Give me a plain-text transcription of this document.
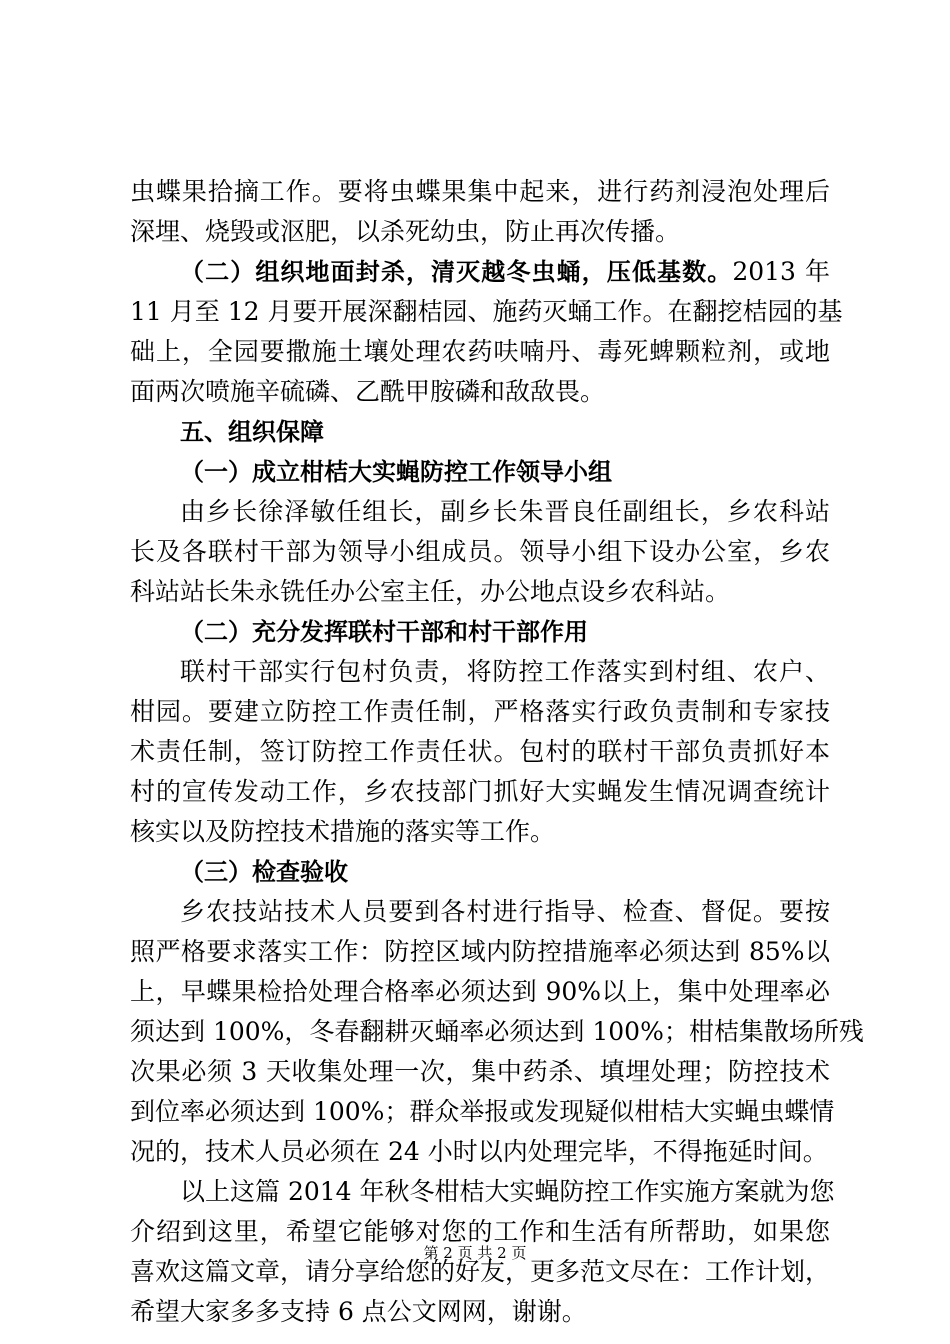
虫蝶果拾摘工作。要将虫蝶果集中起来，进行药剂浸泡处理后
深埋、烧毁或沤肥，以杀死幼虫，防止再次传播。
（二）组织地面封杀，清灭越冬虫蛹，压低基数。2013 年
11 月至 12 月要开展深翻桔园、施药灭蛹工作。在翻挖桔园的基
础上，全园要撒施土壤处理农药呋喃丹、毒死蜱颗粒剂，或地
面两次喷施辛硫磷、乙酰甲胺磷和敌敌畏。
五、组织保障
（一）成立柑桔大实蝇防控工作领导小组
由乡长徐泽敏任组长，副乡长朱晋良任副组长，乡农科站
长及各联村干部为领导小组成员。领导小组下设办公室，乡农
科站站长朱永铣任办公室主任，办公地点设乡农科站。
（二）充分发挥联村干部和村干部作用
联村干部实行包村负责，将防控工作落实到村组、农户、
柑园。要建立防控工作责任制，严格落实行政负责制和专家技
术责任制，签订防控工作责任状。包村的联村干部负责抓好本
村的宣传发动工作，乡农技部门抓好大实蝇发生情况调查统计
核实以及防控技术措施的落实等工作。
（三）检查验收
乡农技站技术人员要到各村进行指导、检查、督促。要按
照严格要求落实工作：防控区域内防控措施率必须达到 85%以
上，早蝶果检拾处理合格率必须达到 90%以上，集中处理率必
须达到 100%，冬春翻耕灭蛹率必须达到 100%；柑桔集散场所残
次果必须 3 天收集处理一次，集中药杀、填埋处理；防控技术
到位率必须达到 100%；群众举报或发现疑似柑桔大实蝇虫蝶情
况的，技术人员必须在 24 小时以内处理完毕，不得拖延时间。
以上这篇 2014 年秋冬柑桔大实蝇防控工作实施方案就为您
介绍到这里，希望它能够对您的工作和生活有所帮助，如果您
喜欢这篇文章，请分享给您的好友，更多范文尽在：工作计划，
希望大家多多支持 6 点公文网网，谢谢。
第 2 页 共 2 页
